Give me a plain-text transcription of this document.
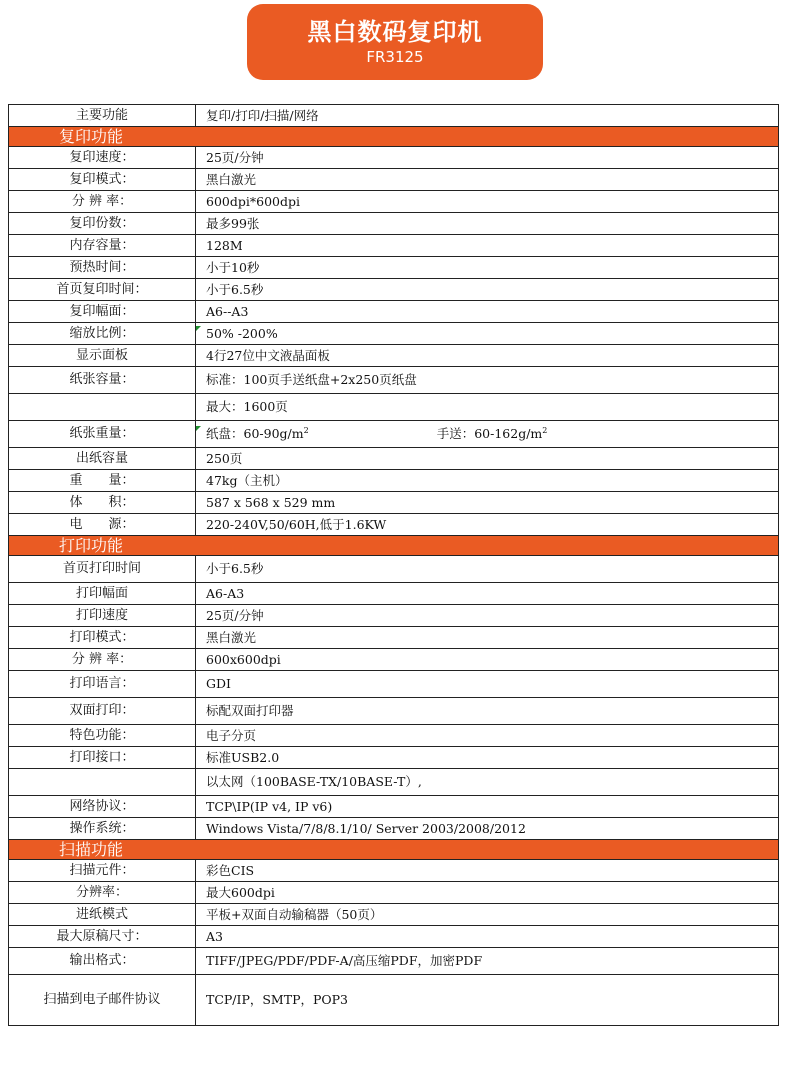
黑白数码复印机
FR3125
主要功能	复印/打印/扫描/网络
复印功能	
复印速度：	25页/分钟
复印模式：	黑白激光
分 辨 率：	600dpi*600dpi
复印份数：	最多99张
内存容量：	128M
预热时间：	小于10秒
首页复印时间：	小于6.5秒
复印幅面：	A6--A3
缩放比例：	50% -200%
显示面板	4行27位中文液晶面板
纸张容量：	标准：100页手送纸盘+2x250页纸盘
	最大：1600页
纸张重量：	纸盘：$60-90g/m^2$ 手送：$60-162g/m^2$
出纸容量	250页
重　　量：	47kg（主机）
体　　积：	587 x 568 x 529 mm
电　　源：	220-240V,50/60H,低于1.6KW
打印功能	
首页打印时间	小于6.5秒
打印幅面	A6-A3
打印速度	25页/分钟
打印模式：	黑白激光
分 辨 率：	600x600dpi
打印语言：	GDI
双面打印：	标配双面打印器
特色功能：	电子分页
打印接口：	标准USB2.0
	以太网（100BASE-TX/10BASE-T）,
网络协议：	TCP\IP(IP v4, IP v6)
操作系统：	Windows Vista/7/8/8.1/10/ Server 2003/2008/2012
扫描功能	
扫描元件：	彩色CIS
分辨率：	最大600dpi
进纸模式	平板+双面自动输稿器（50页）
最大原稿尺寸：	A3
输出格式：	TIFF/JPEG/PDF/PDF-A/高压缩PDF，加密PDF
扫描到电子邮件协议	TCP/IP，SMTP，POP3
